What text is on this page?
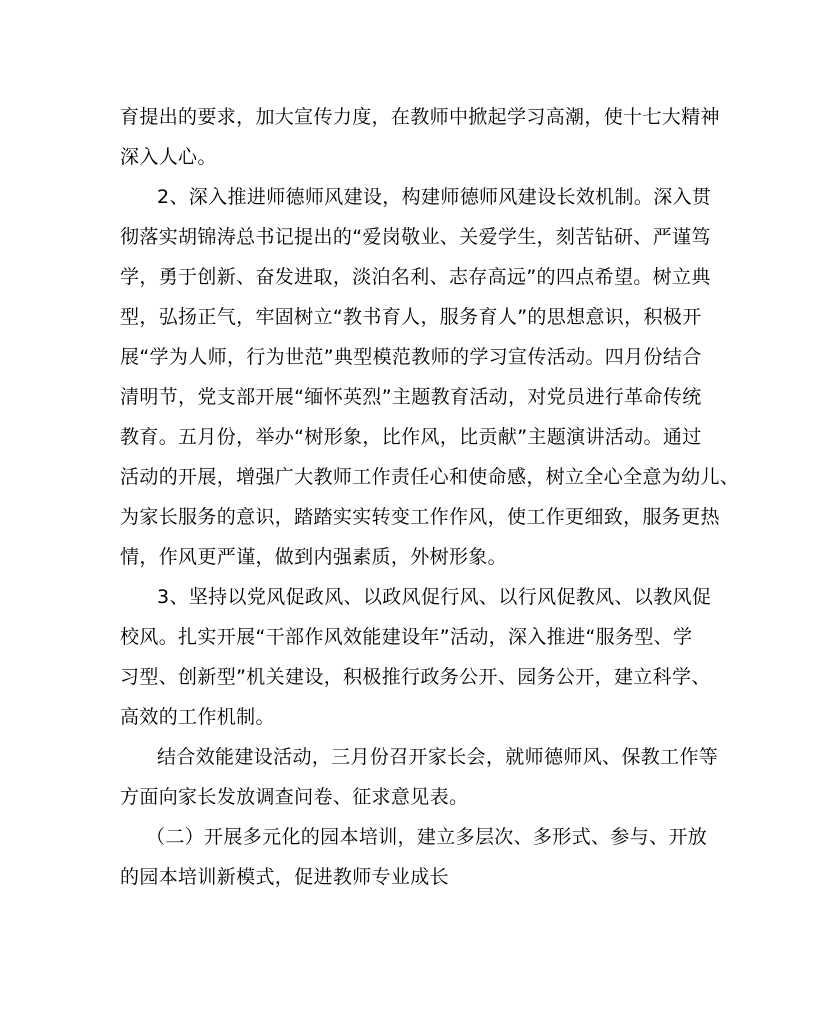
育提出的要求，加大宣传力度，在教师中掀起学习高潮，使十七大精神
深入人心。
2、深入推进师德师风建设，构建师德师风建设长效机制。深入贯
彻落实胡锦涛总书记提出的“爱岗敬业、关爱学生，刻苦钻研、严谨笃
学，勇于创新、奋发进取，淡泊名利、志存高远”的四点希望。树立典
型，弘扬正气，牢固树立“教书育人，服务育人”的思想意识，积极开
展“学为人师，行为世范”典型模范教师的学习宣传活动。四月份结合
清明节，党支部开展“缅怀英烈”主题教育活动，对党员进行革命传统
教育。五月份，举办“树形象，比作风，比贡献”主题演讲活动。通过
活动的开展，增强广大教师工作责任心和使命感，树立全心全意为幼儿、
为家长服务的意识，踏踏实实转变工作作风，使工作更细致，服务更热
情，作风更严谨，做到内强素质，外树形象。
3、坚持以党风促政风、以政风促行风、以行风促教风、以教风促
校风。扎实开展“干部作风效能建设年”活动，深入推进“服务型、学
习型、创新型”机关建设，积极推行政务公开、园务公开，建立科学、
高效的工作机制。
结合效能建设活动，三月份召开家长会，就师德师风、保教工作等
方面向家长发放调查问卷、征求意见表。
（二）开展多元化的园本培训，建立多层次、多形式、参与、开放
的园本培训新模式，促进教师专业成长
